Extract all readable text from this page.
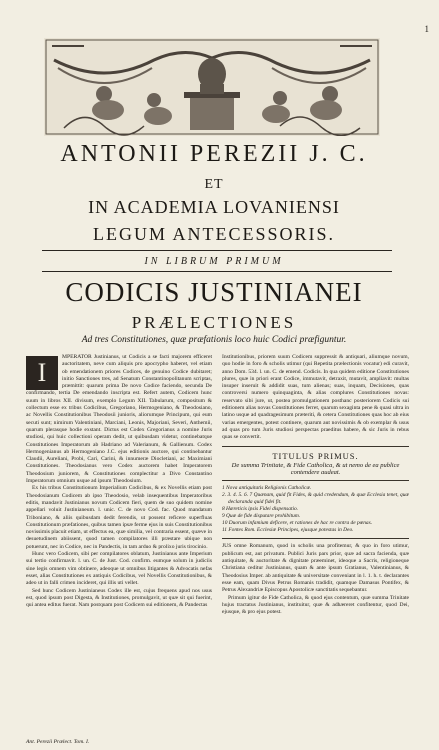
1
ANTONII PEREZII J. C.
ET
IN ACADEMIA LOVANIENSI
LEGUM ANTECESSORIS.
IN LIBRUM PRIMUM
CODICIS JUSTINIANEI
PRÆLECTIONES
Ad tres Constitutiones, quæ præfationis loco huic Codici præfiguntur.
I

MPERATOR Justinianus, ut Codicis a se facti majorem efficeret auctoritatem, neve cum aliquis pro apocrypho haberet, vel etiam ob emendationem priores Codices, de genuino Codice dubitaret; initio Sanctiones tres, ad Senatum Constantinopolitanum scriptas, præmittit: quarum prima De novo Codice faciendo, secunda De confirmando, tertia De emendando inscripta est. Refert autem, Codicem hunc suum in libros XII. divisum, exemplo Legum XII. Tabularum, compositum & collectum esse ex tribus Codicibus, Gregoriano, Hermogeniano, & Theodosiano, ac Novellis Constitutionibus Theodosii junioris, aliorumque Principum, qui eum secuti sunt; nimirum Valentiniani, Marciani, Leonis, Majoriani, Severi, Anthemii, quarum plerasque hodie exstant. Dictus est Codex Gregorianus a nomine Juris studiosi, qui huic collectioni operam dedit, ut quibusdam videtur, continebatque Constitutiones Imperatorum ab Hadriano ad Valerianum, & Gallienum. Codex Hermogenianus ab Hermogeniano J.C. ejus editionis auctore, qui continebantur Claudii, Aureliani, Probi, Cari, Carini, & innumeræ Diocletiani, ac Maximiani Constitutiones. Theodosianus vero Codex auctorem habet Imperatorem Theodosium juniorem, & Constitutiones complectitur a Divo Constantino Imperatorum omnium usque ad ipsum Theodosium.

Ex his tribus Constitutionum Imperialium Codicibus, & ex Novellis etiam post Theodosianum Codicem ab ipso Theodosio, velab insequentibus Imperatoribus editis, mandavit Justinianus novum Codicem fieri, quem de suo quidem nomine appellari voluit Justinianeum. l. unic. C. de novo Cod. fac. Quod mandatum Triboniano, & aliis quibusdam dedit ferendis, ut possent reficere superfluas Constitutionum præfationes, quibus tamen ipsæ ferme ejus in suis Constitutionibus novissimis placuit etiam, ut effectus ea, quæ similia, vel contraria essent, quæve in desuetudinem abiissent, quod tamen compilatores illi præstare ubique non potuerunt, nec in Codice, nec in Pandectis, in tam arduo & prolixo juris tirocinio.

Hunc vero Codicem, sibi per compilatores oblatum, Justinianus ante Imperium sui tertio confirmavit. l. un. C. de Just. Cod. confirm. eumque solum in judiciis sine legis omnem vim obtinere, adeoque ut omnibus litigantes & Advocatis nefas esset, alias Constitutiones ex antiquis Codicibus, vel Novellis Constitutionibus, & adeo ut in falli crimen incideret, qui illis uti vellet.

Sed hunc Codicem Justinianeus Codex ille est, cujus frequens apud nos usus est, quod ipsum post Digesta, & Institutiones, promulgavit, ut quæ sit qui fuerint, qui antea editus fuerat. Nam postquam post Codicem sui editionem, & Pandectas

Institutionibus, priorem suum Codicem suppressit & antiquari, aliumque novum, quo hodie in foro & scholis utimur (qui Repetita prælectionis vocatur) edi curavit, anno Dom. 534. l. un. C. de emend. Codicis. In qua quidem editione Constitutiones plures, quæ in priori erant Codice, immutavit, detraxit, mutavit, ampliavit: multas insuper inseruit & addidit suas, tum alienas; suas, inquam, Decisiones, quas controversi numero quinquaginta, & alias complures Constitutiones novas: reservato sibi jure, ut, postea promulgationem posthanc posteriorem Codicis sui editionem alias novas Constitutiones ferret, quarum sexaginta pene & quasi ultra in latino usque ad quadragesimum præteriti, & cetera Constitutiones quas hoc ab eius varias emergentes, potest continere, quarum aut novissimis & ob exemplar & usus ad quas pro tum Juris studiosi perspectas praeditus habere, & sic Juris in rebus quas se convertit.

TITULUS PRIMUS.
De summa Trinitate, & Fide Catholica, & ut nemo de ea publice contendere audeat.
1 Nova antiquitatis Religionis Catholicæ.
2. 3. 4. 5. 6. 7 Quænam, quid fit Fides, & quid credendum, & quæ Ecclesia tenet, quæ declaranda quid fidei fit.
8 Hæreticis ipsis Fidei dispensatio.
9 Quæ de fide disputare prohibitum.
10 Duorum infamium deficere, et rationes de hac re contra de pœnas.
11 Fontes Rom. Ecclesiæ Principes, ejusque potestas in Deo.

JUS omne Romanum, quod in scholis una profitemur, & quo in foro utimur, publicum est, aut privatum. Publici Juris pars prior, quæ ad sacra facienda, quæ antiquitate, & auctoritate & dignitate præeminet, ideoque a Sacris, religioneque Christiana ceditur Justinianus, quam & ante ipsum Gratianus, Valentinianus, & Theodosius Imper. ab antiquitate & universitate conveniant in l. 1. h. t. declarantes esse eam, quam Divus Petrus Romanis tradidit, quamque Damasus Pontifex, & Petrus Alexandriæ Episcopus Apostolicæ sanctitatis sequebantur.

Primum igitur de Fide Catholica, & quod ejus contentum, quæ summa Trinitate hujus tractatus Justinianus, instituitur, quæ & adhæreret confitentur, quod Dei, ejusque, & pro ejus potest.

Ant. Perezii Prælect. Tom. I.
